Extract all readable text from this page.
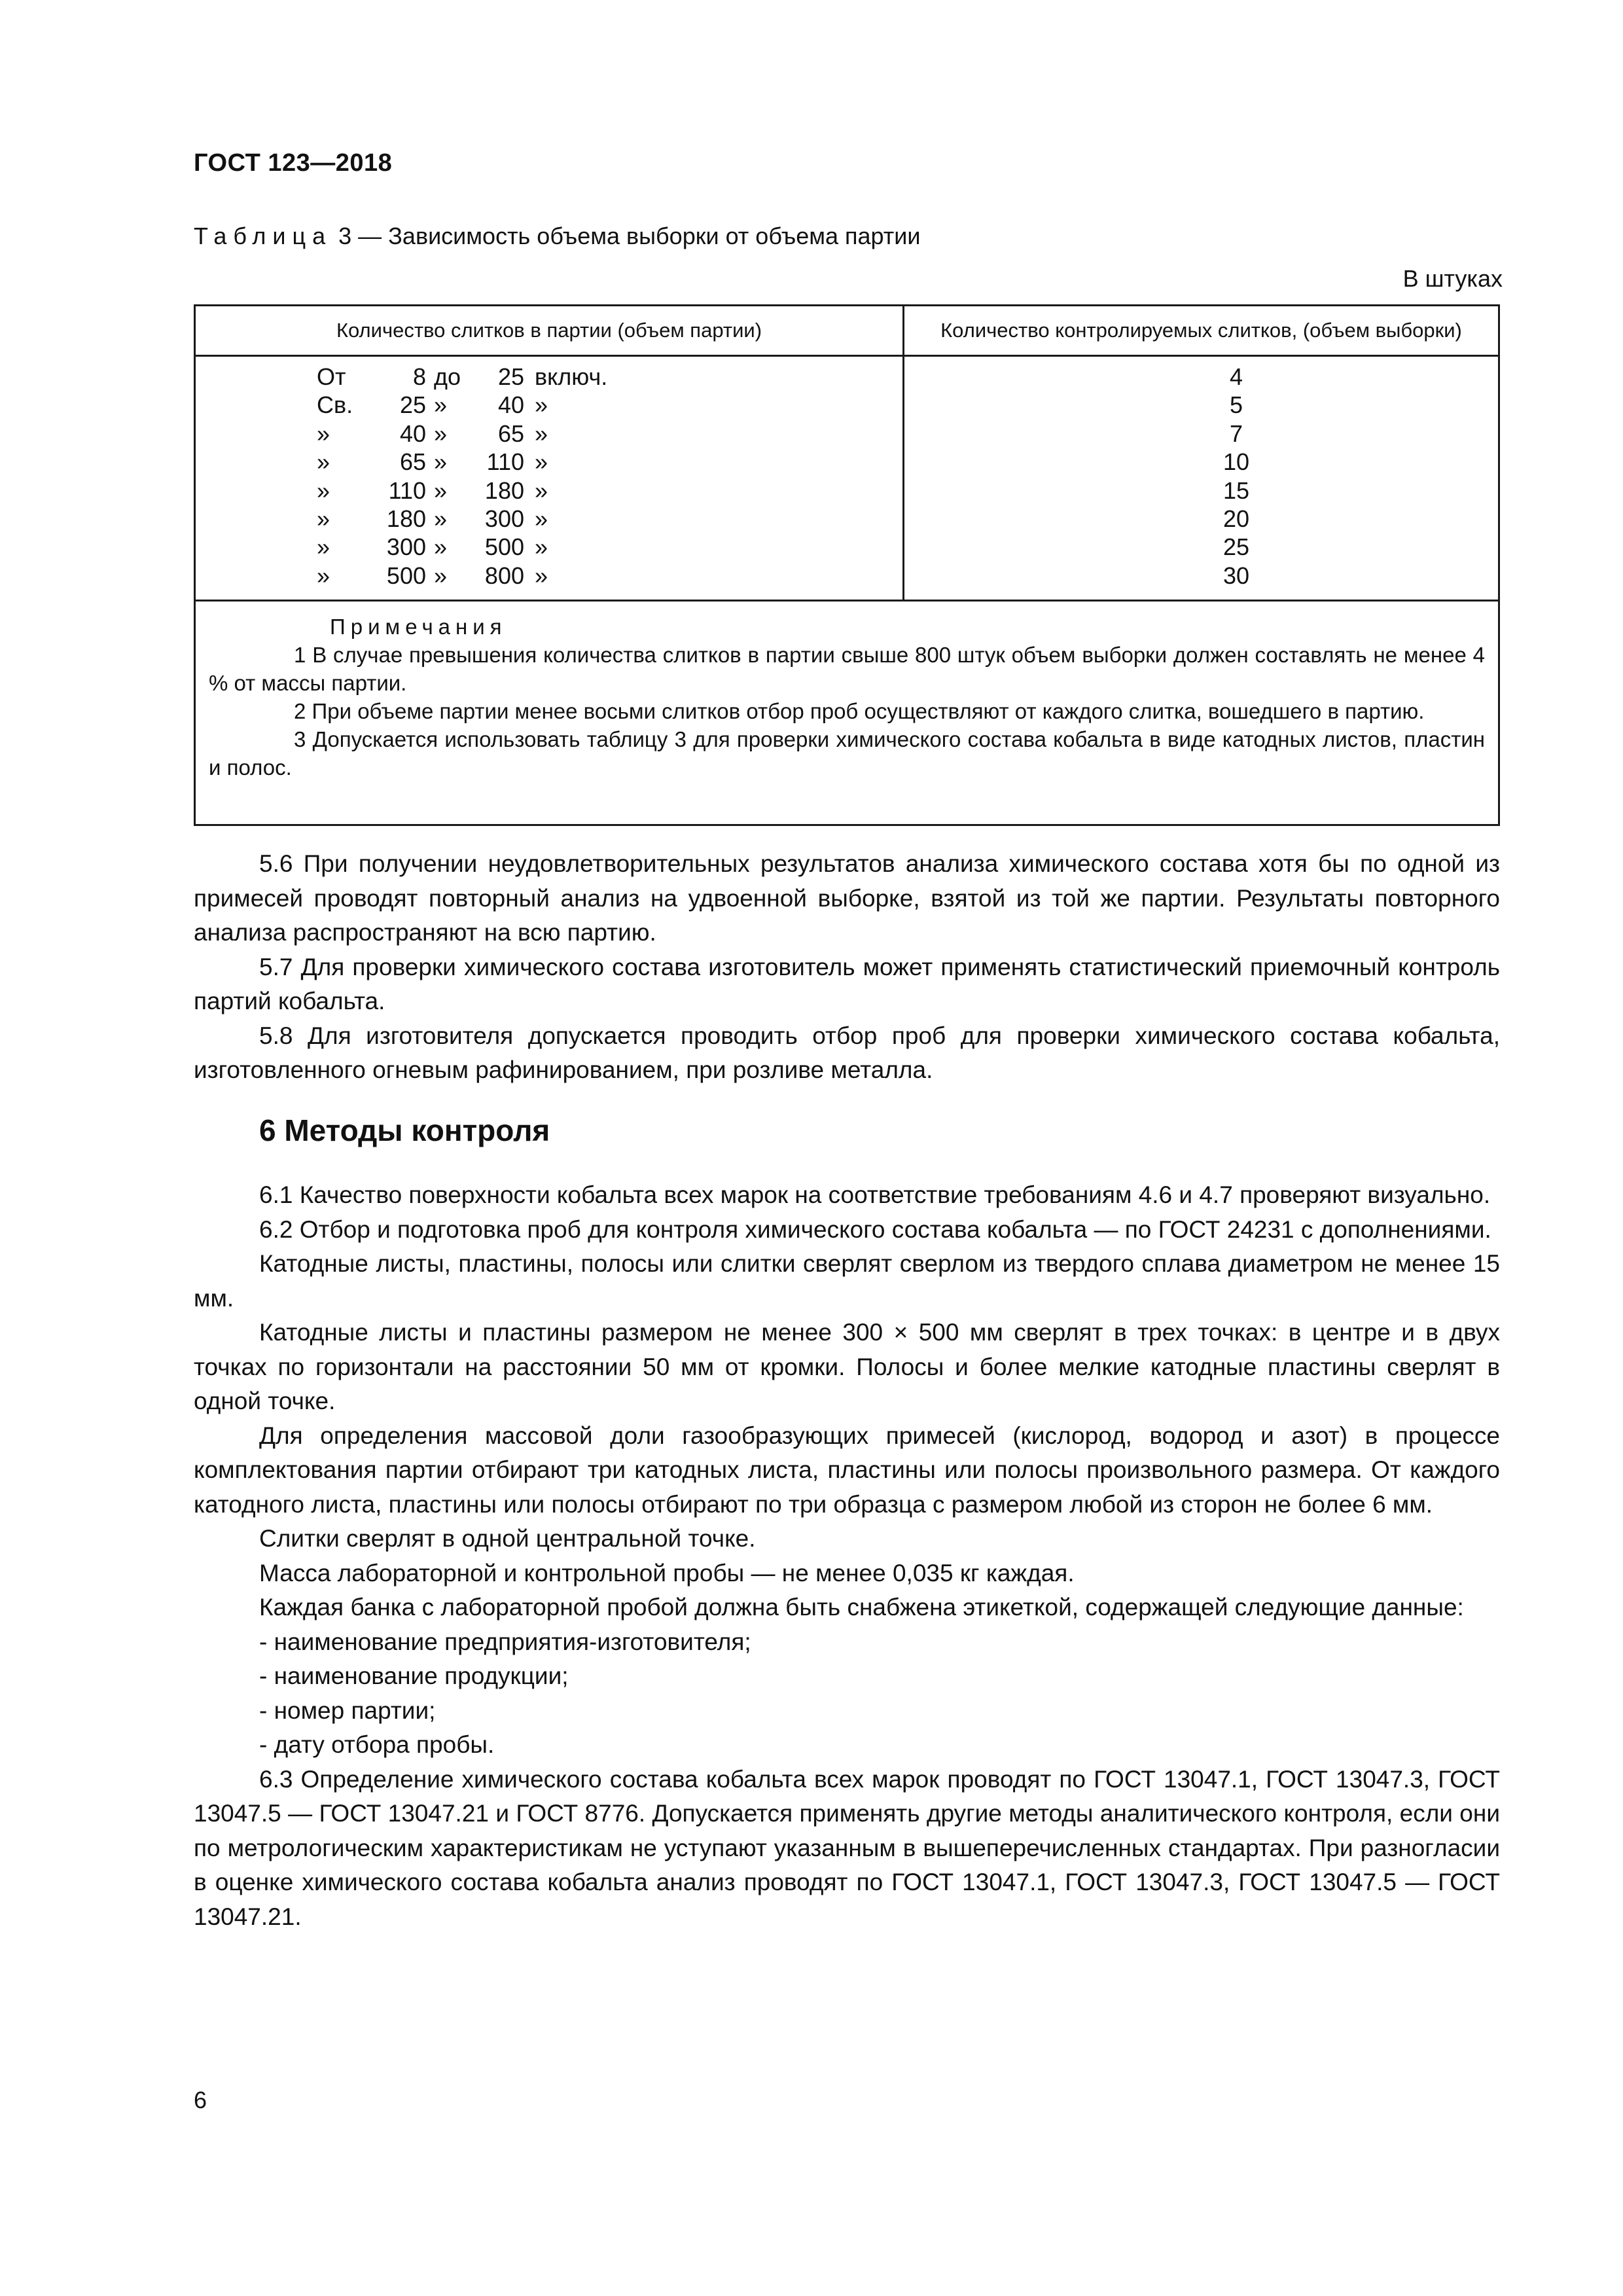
ГОСТ 123—2018
Таблица 3 — Зависимость объема выборки от объема партии
В штуках
Количество слитков в партии (объем партии)	Количество контролируемых слитков, (объем выборки)
От	8 до	25 включ.	4
Св.	25 »	40 »	5
»	40 »	65 »	7
»	65 »	110 »	10
»	110 »	180 »	15
»	180 »	300 »	20
»	300 »	500 »	25
»	500 »	800 »	30
Примечания

1 В случае превышения количества слитков в партии свыше 800 штук объем выборки должен составлять не менее 4 % от массы партии.

2 При объеме партии менее восьми слитков отбор проб осуществляют от каждого слитка, вошедшего в партию.

3 Допускается использовать таблицу 3 для проверки химического состава кобальта в виде катодных листов, пластин и полос.

5.6 При получении неудовлетворительных результатов анализа химического состава хотя бы по одной из примесей проводят повторный анализ на удвоенной выборке, взятой из той же партии. Результаты повторного анализа распространяют на всю партию.

5.7 Для проверки химического состава изготовитель может применять статистический приемочный контроль партий кобальта.

5.8 Для изготовителя допускается проводить отбор проб для проверки химического состава кобальта, изготовленного огневым рафинированием, при розливе металла.

6 Методы контроля

6.1 Качество поверхности кобальта всех марок на соответствие требованиям 4.6 и 4.7 проверяют визуально.

6.2 Отбор и подготовка проб для контроля химического состава кобальта — по ГОСТ 24231 с дополнениями.

Катодные листы, пластины, полосы или слитки сверлят сверлом из твердого сплава диаметром не менее 15 мм.

Катодные листы и пластины размером не менее 300 × 500 мм сверлят в трех точках: в центре и в двух точках по горизонтали на расстоянии 50 мм от кромки. Полосы и более мелкие катодные пластины сверлят в одной точке.

Для определения массовой доли газообразующих примесей (кислород, водород и азот) в процессе комплектования партии отбирают три катодных листа, пластины или полосы произвольного размера. От каждого катодного листа, пластины или полосы отбирают по три образца с размером любой из сторон не более 6 мм.

Слитки сверлят в одной центральной точке.

Масса лабораторной и контрольной пробы — не менее 0,035 кг каждая.

Каждая банка с лабораторной пробой должна быть снабжена этикеткой, содержащей следующие данные:

- наименование предприятия-изготовителя;

- наименование продукции;

- номер партии;

- дату отбора пробы.

6.3 Определение химического состава кобальта всех марок проводят по ГОСТ 13047.1, ГОСТ 13047.3, ГОСТ 13047.5 — ГОСТ 13047.21 и ГОСТ 8776. Допускается применять другие методы аналитического контроля, если они по метрологическим характеристикам не уступают указанным в вышеперечисленных стандартах. При разногласии в оценке химического состава кобальта анализ проводят по ГОСТ 13047.1, ГОСТ 13047.3, ГОСТ 13047.5 — ГОСТ 13047.21.

6
